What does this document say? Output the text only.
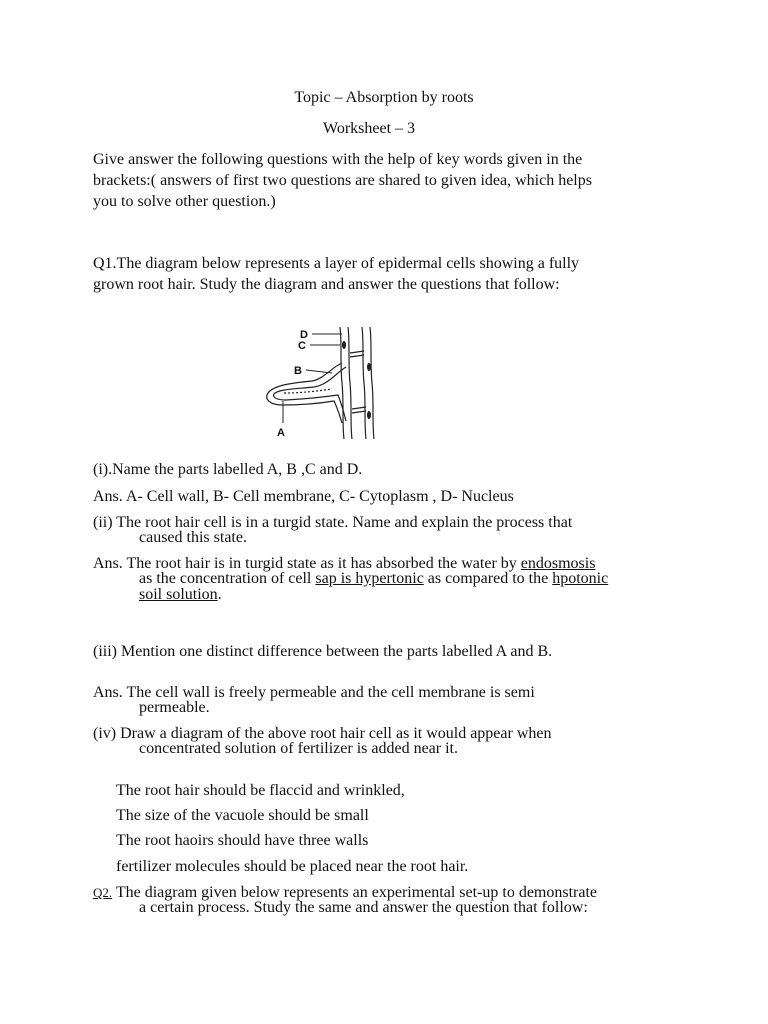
Topic – Absorption by roots
Worksheet – 3
Give answer the following questions with the help of key words given in the
brackets:( answers of first two questions are shared to given idea, which helps
you to solve other question.)
Q1.The diagram below represents a layer of epidermal cells showing a fully
grown root hair. Study the diagram and answer the questions that follow:
D
C
B
A
(i).Name the parts labelled A, B ,C and D.
Ans. A- Cell wall, B- Cell membrane, C- Cytoplasm , D- Nucleus
(ii) The root hair cell is in a turgid state. Name and explain the process that
caused this state.
Ans. The root hair is in turgid state as it has absorbed the water by endosmosis
as the concentration of cell sap is hypertonic as compared to the hpotonic
soil solution.
(iii) Mention one distinct difference between the parts labelled A and B.
Ans. The cell wall is freely permeable and the cell membrane is semi
permeable.
(iv) Draw a diagram of the above root hair cell as it would appear when
concentrated solution of fertilizer is added near it.
The root hair should be flaccid and wrinkled,
The size of the vacuole should be small
The root haoirs should have three walls
fertilizer molecules should be placed near the root hair.
Q2. The diagram given below represents an experimental set-up to demonstrate
a certain process. Study the same and answer the question that follow:
